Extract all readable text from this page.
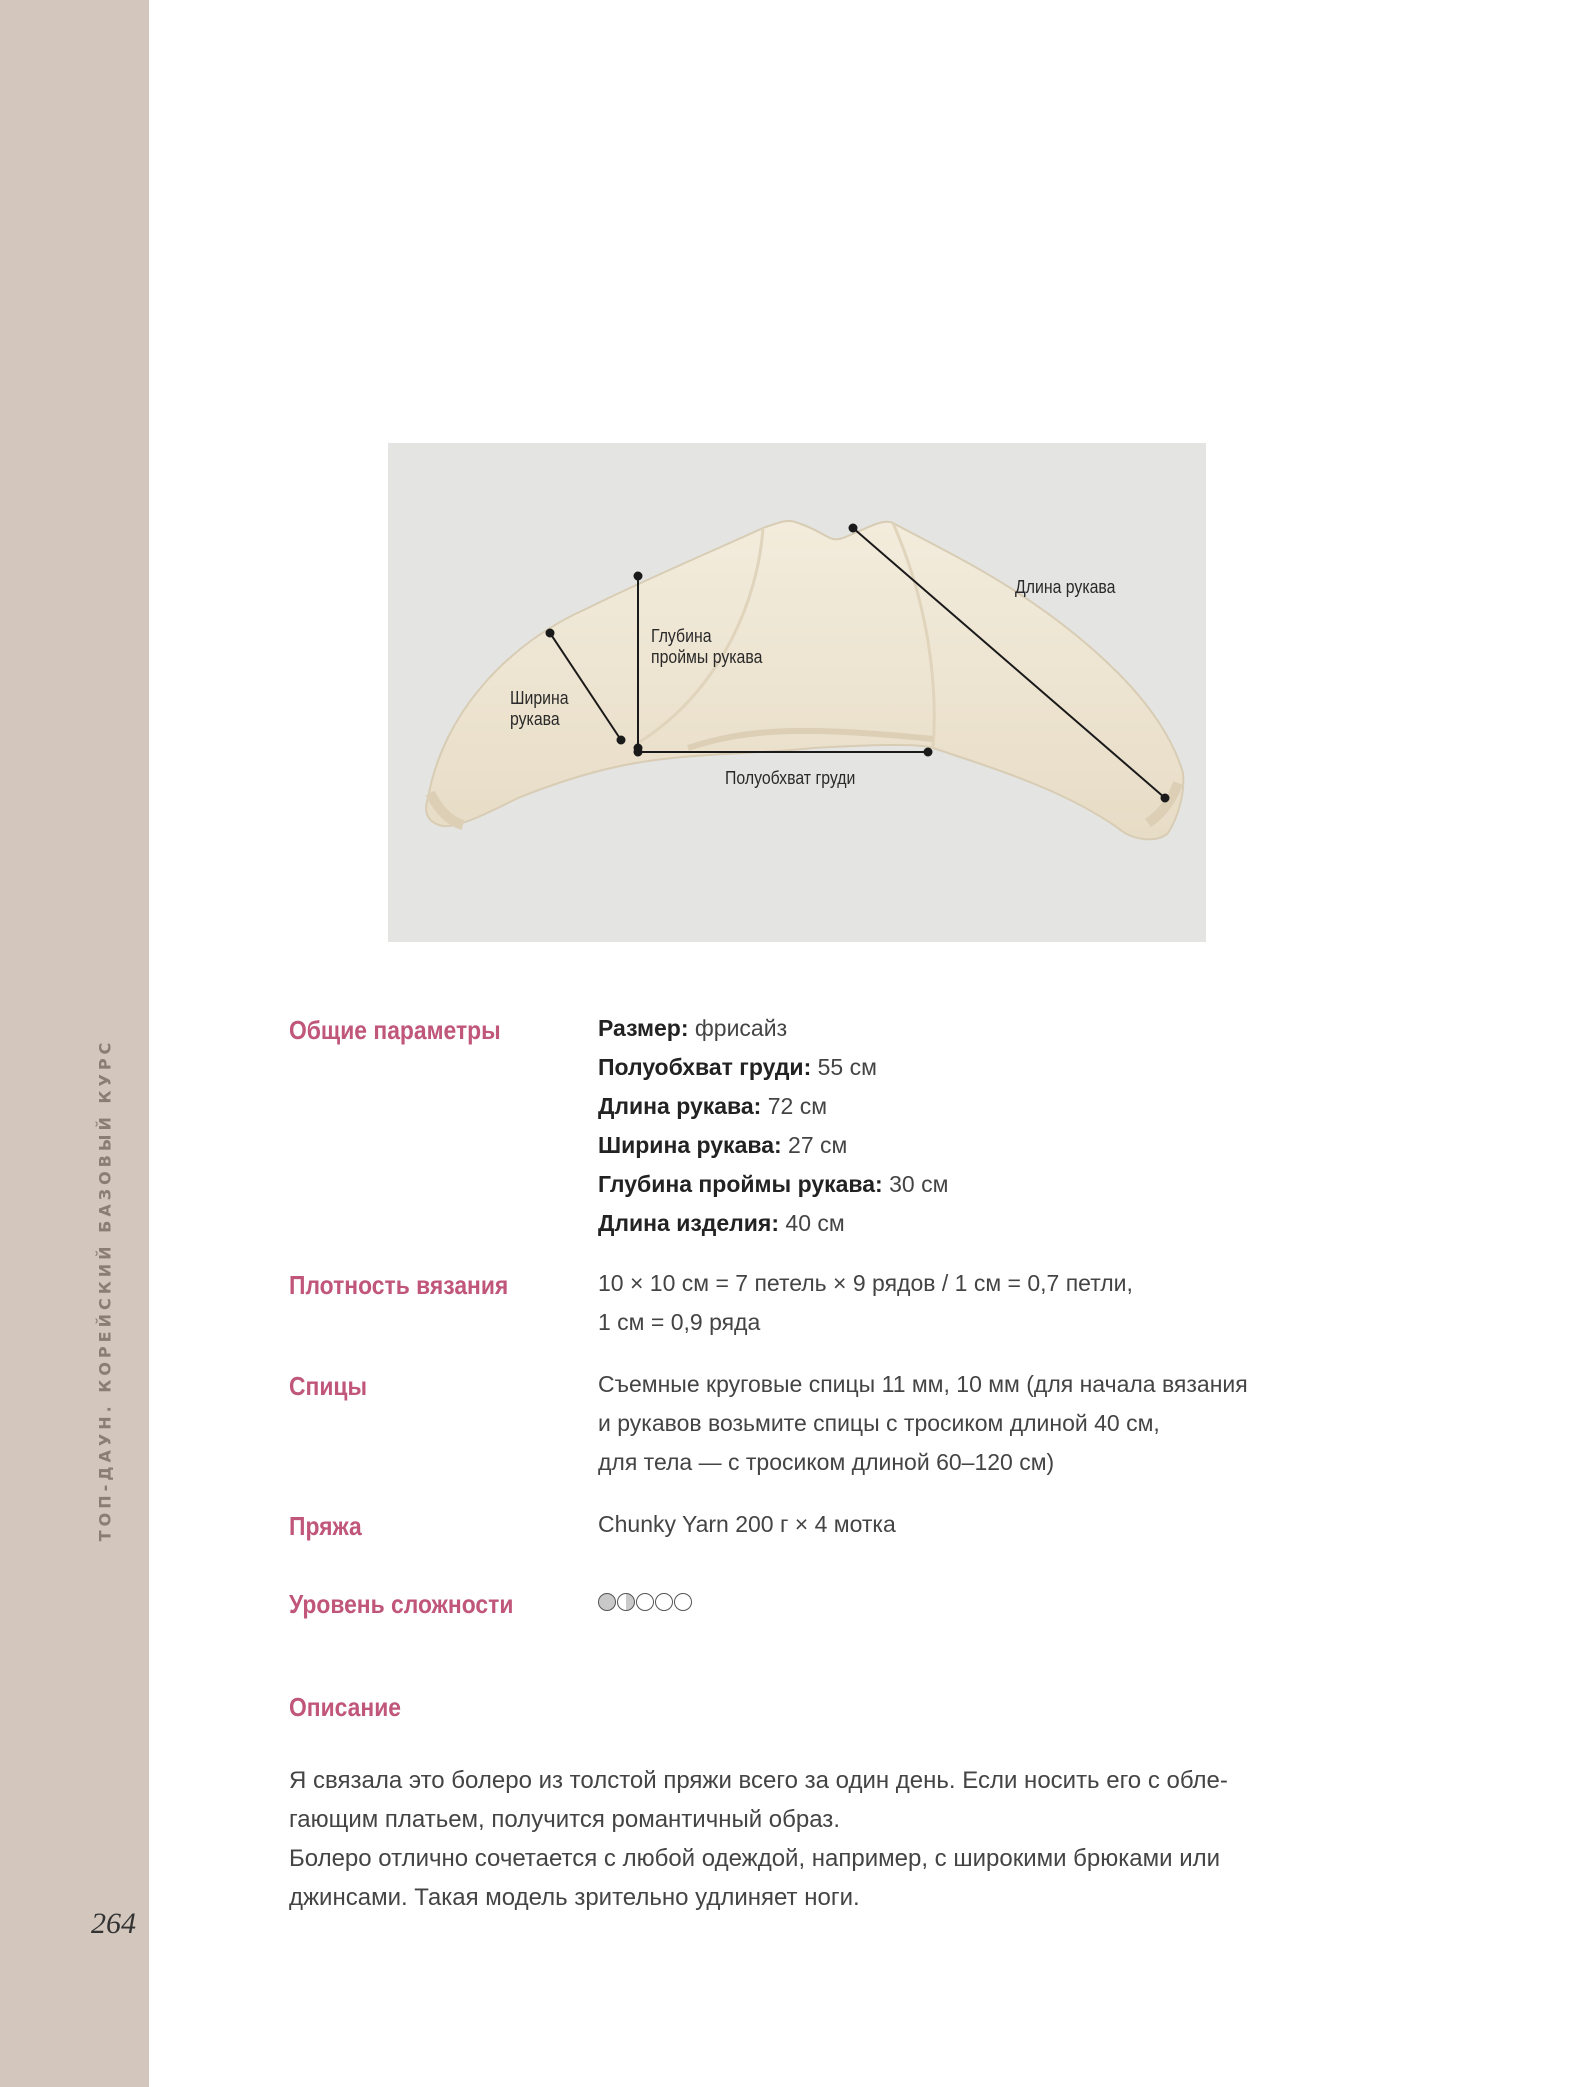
ТОП-ДАУН. КОРЕЙСКИЙ БАЗОВЫЙ КУРС
264
Длина рукава
Глубина
проймы рукава
Ширина
рукава
Полуобхват груди
Общие параметры	Размер: фрисайз
Полуобхват груди: 55 см
Длина рукава: 72 см
Ширина рукава: 27 см
Глубина проймы рукава: 30 см
Длина изделия: 40 см
Плотность вязания	10 × 10 см = 7 петель × 9 рядов / 1 см = 0,7 петли,
1 см = 0,9 ряда
Спицы	Съемные круговые спицы 11 мм, 10 мм (для начала вязания
и рукавов возьмите спицы с тросиком длиной 40 см,
для тела — с тросиком длиной 60–120 см)
Пряжа	Chunky Yarn 200 г × 4 мотка
Уровень сложности
Описание
Я связала это болеро из толстой пряжи всего за один день. Если носить его с обле-
гающим платьем, получится романтичный образ.
Болеро отлично сочетается с любой одеждой, например, с широкими брюками или
джинсами. Такая модель зрительно удлиняет ноги.
